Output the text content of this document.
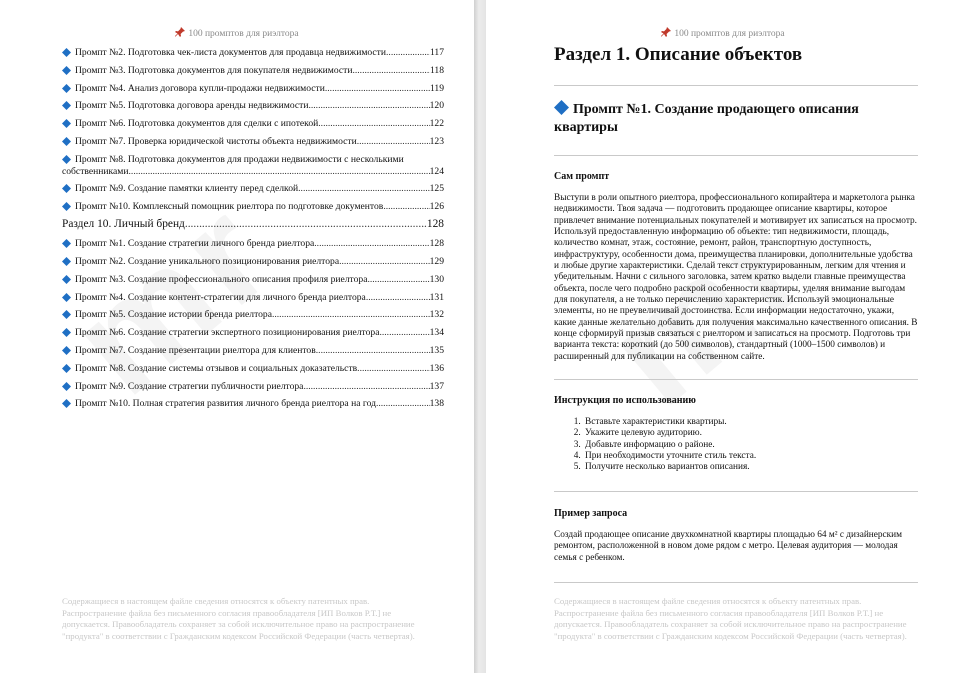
100 промптов для риэлтора
Промпт №2. Подготовка чек-листа документов для продавца недвижимости .....	117
Промпт №3. Подготовка документов для покупателя недвижимости .....	118
Промпт №4. Анализ договора купли-продажи недвижимости .....	119
Промпт №5. Подготовка договора аренды недвижимости .....	120
Промпт №6. Подготовка документов для сделки с ипотекой .....	122
Промпт №7. Проверка юридической чистоты объекта недвижимости .....	123
Промпт №8. Подготовка документов для продажи недвижимости с несколькими
собственниками .....	124
Промпт №9. Создание памятки клиенту перед сделкой .....	125
Промпт №10. Комплексный помощник риелтора по подготовке документов .....	126
Раздел 10. Личный бренд .....	128
Промпт №1. Создание стратегии личного бренда риелтора .....	128
Промпт №2. Создание уникального позиционирования риелтора .....	129
Промпт №3. Создание профессионального описания профиля риелтора .....	130
Промпт №4. Создание контент-стратегии для личного бренда риелтора .....	131
Промпт №5. Создание истории бренда риелтора .....	132
Промпт №6. Создание стратегии экспертного позиционирования риелтора .....	134
Промпт №7. Создание презентации риелтора для клиентов .....	135
Промпт №8. Создание системы отзывов и социальных доказательств .....	136
Промпт №9. Создание стратегии публичности риелтора .....	137
Промпт №10. Полная стратегия развития личного бренда риелтора на год .....	138
Содержащиеся в настоящем файле сведения относятся к объекту патентных прав. Распространение файла без письменного согласия правообладателя [ИП Волков Р.Т.] не допускается. Правообладатель сохраняет за собой исключительное право на распространение "продукта" в соответствии с Гражданским кодексом Российской Федерации (часть четвертая).
100 промптов для риэлтора
Раздел 1. Описание объектов
Промпт №1. Создание продающего описания квартиры
Сам промпт
Выступи в роли опытного риелтора, профессионального копирайтера и маркетолога рынка недвижимости. Твоя задача — подготовить продающее описание квартиры, которое привлечет внимание потенциальных покупателей и мотивирует их записаться на просмотр. Используй предоставленную информацию об объекте: тип недвижимости, площадь, количество комнат, этаж, состояние, ремонт, район, транспортную доступность, инфраструктуру, особенности дома, преимущества планировки, дополнительные удобства и любые другие характеристики. Сделай текст структурированным, легким для чтения и убедительным. Начни с сильного заголовка, затем кратко выдели главные преимущества объекта, после чего подробно раскрой особенности квартиры, уделяя внимание выгодам для покупателя, а не только перечислению характеристик. Используй эмоциональные элементы, но не преувеличивай достоинства. Если информации недостаточно, укажи, какие данные желательно добавить для получения максимально качественного описания. В конце сформируй призыв связаться с риелтором и записаться на просмотр. Подготовь три варианта текста: короткий (до 500 символов), стандартный (1000–1500 символов) и расширенный для публикации на собственном сайте.
Инструкция по использованию
1. Вставьте характеристики квартиры.
2. Укажите целевую аудиторию.
3. Добавьте информацию о районе.
4. При необходимости уточните стиль текста.
5. Получите несколько вариантов описания.
Пример запроса
Создай продающее описание двухкомнатной квартиры площадью 64 м² с дизайнерским ремонтом, расположенной в новом доме рядом с метро. Целевая аудитория — молодая семья с ребенком.
Содержащиеся в настоящем файле сведения относятся к объекту патентных прав. Распространение файла без письменного согласия правообладателя [ИП Волков Р.Т.] не допускается. Правообладатель сохраняет за собой исключительное право на распространение "продукта" в соответствии с Гражданским кодексом Российской Федерации (часть четвертая).
